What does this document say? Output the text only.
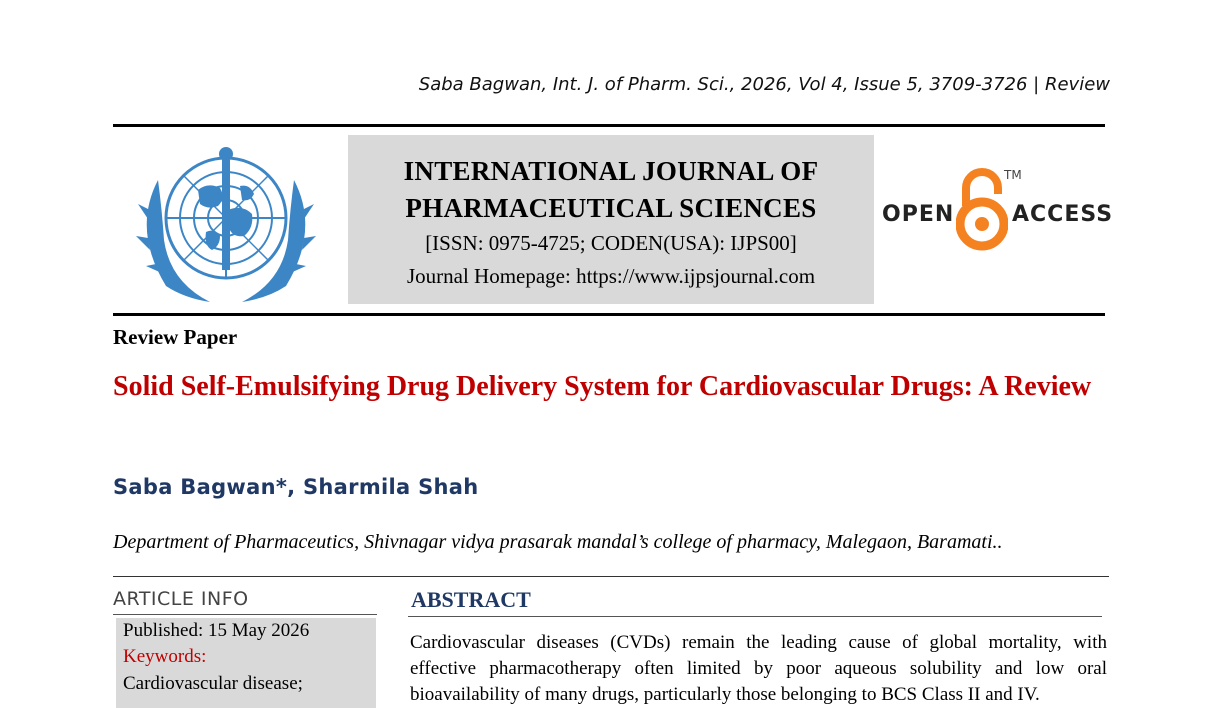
Saba Bagwan, Int. J. of Pharm. Sci., 2026, Vol 4, Issue 5, 3709-3726 | Review
INTERNATIONAL JOURNAL OF
PHARMACEUTICAL SCIENCES
[ISSN: 0975-4725; CODEN(USA): IJPS00]
Journal Homepage: https://www.ijpsjournal.com
OPEN
TM
ACCESS
Review Paper
Solid Self-Emulsifying Drug Delivery System for Cardiovascular Drugs: A Review
Saba Bagwan*, Sharmila Shah
Department of Pharmaceutics, Shivnagar vidya prasarak mandal’s college of pharmacy, Malegaon, Baramati..
ARTICLE INFO
Published: 15 May 2026
Keywords:
Cardiovascular disease;
ABSTRACT
Cardiovascular diseases (CVDs) remain the leading cause of global mortality, with effective pharmacotherapy often limited by poor aqueous solubility and low oral bioavailability of many drugs, particularly those belonging to BCS Class II and IV.
